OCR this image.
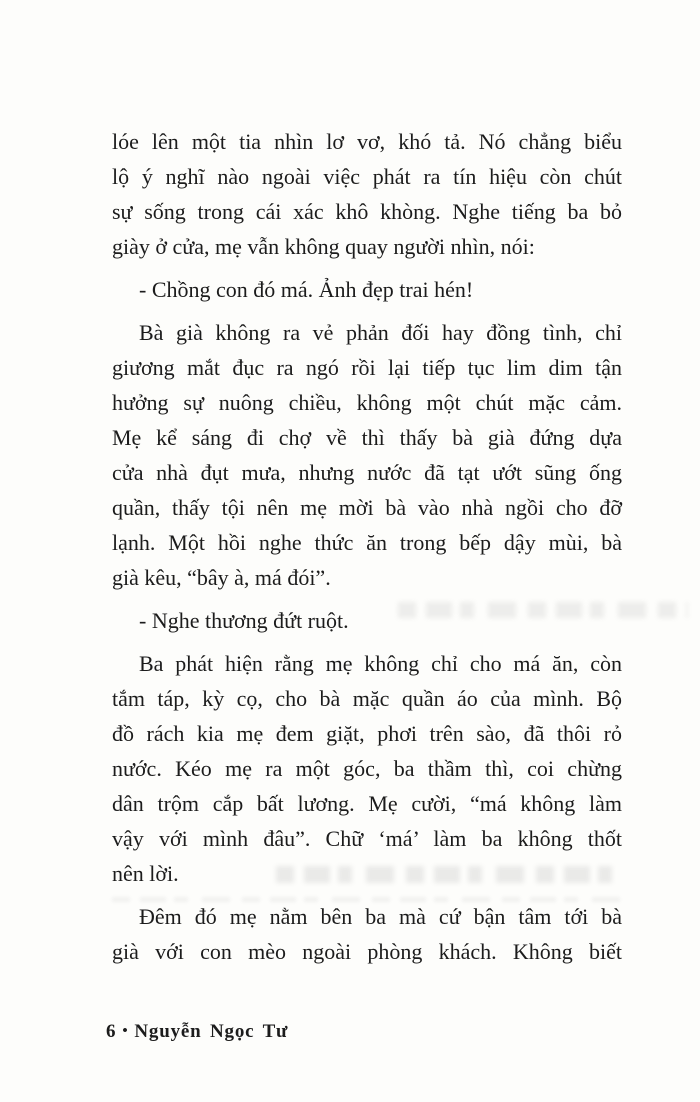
lóe lên một tia nhìn lơ vơ, khó tả. Nó chẳng biểu
lộ ý nghĩ nào ngoài việc phát ra tín hiệu còn chút
sự sống trong cái xác khô khòng. Nghe tiếng ba bỏ
giày ở cửa, mẹ vẫn không quay người nhìn, nói:

- Chồng con đó má. Ảnh đẹp trai hén!

Bà già không ra vẻ phản đối hay đồng tình, chỉ
giương mắt đục ra ngó rồi lại tiếp tục lim dim tận
hưởng sự nuông chiều, không một chút mặc cảm.
Mẹ kể sáng đi chợ về thì thấy bà già đứng dựa
cửa nhà đụt mưa, nhưng nước đã tạt ướt sũng ống
quần, thấy tội nên mẹ mời bà vào nhà ngồi cho đỡ
lạnh. Một hồi nghe thức ăn trong bếp dậy mùi, bà
già kêu, “bây à, má đói”.

- Nghe thương đứt ruột.

Ba phát hiện rằng mẹ không chỉ cho má ăn, còn
tắm táp, kỳ cọ, cho bà mặc quần áo của mình. Bộ
đồ rách kia mẹ đem giặt, phơi trên sào, đã thôi rỏ
nước. Kéo mẹ ra một góc, ba thầm thì, coi chừng
dân trộm cắp bất lương. Mẹ cười, “má không làm
vậy với mình đâu”. Chữ ‘má’ làm ba không thốt
nên lời.

Đêm đó mẹ nằm bên ba mà cứ bận tâm tới bà
già với con mèo ngoài phòng khách. Không biết

6 • Nguyễn Ngọc Tư
